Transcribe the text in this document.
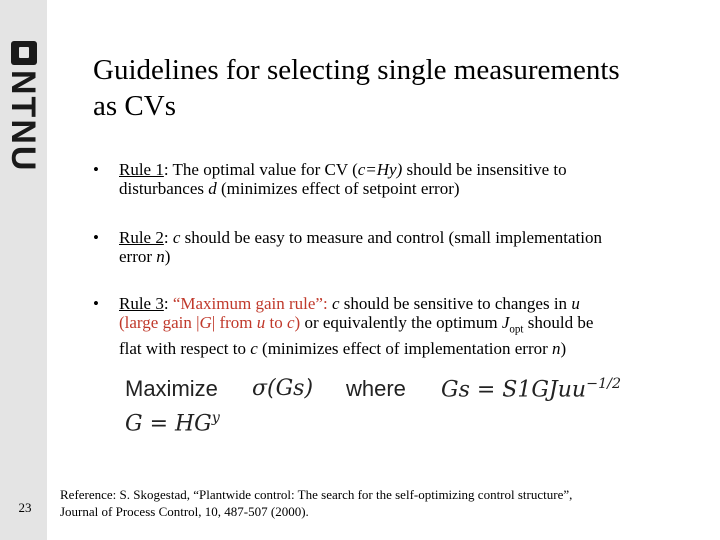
NTNU
23
Guidelines for selecting single measurements
as CVs
• Rule 1: The optimal value for CV (c=Hy) should be insensitive to
disturbances d (minimizes effect of setpoint error)
• Rule 2: c should be easy to measure and control (small implementation
error n)
• Rule 3: “Maximum gain rule”: c should be sensitive to changes in u
(large gain |G| from u to c) or equivalently the optimum $J_{opt}$ should be
flat with respect to c (minimizes effect of implementation error n)
Maximize σ(Gs) where Gs = S1GJuu$^{-1/2}$
$G = HG^y$
Reference: S. Skogestad, “Plantwide control: The search for the self-optimizing control structure”,
Journal of Process Control, 10, 487-507 (2000).
